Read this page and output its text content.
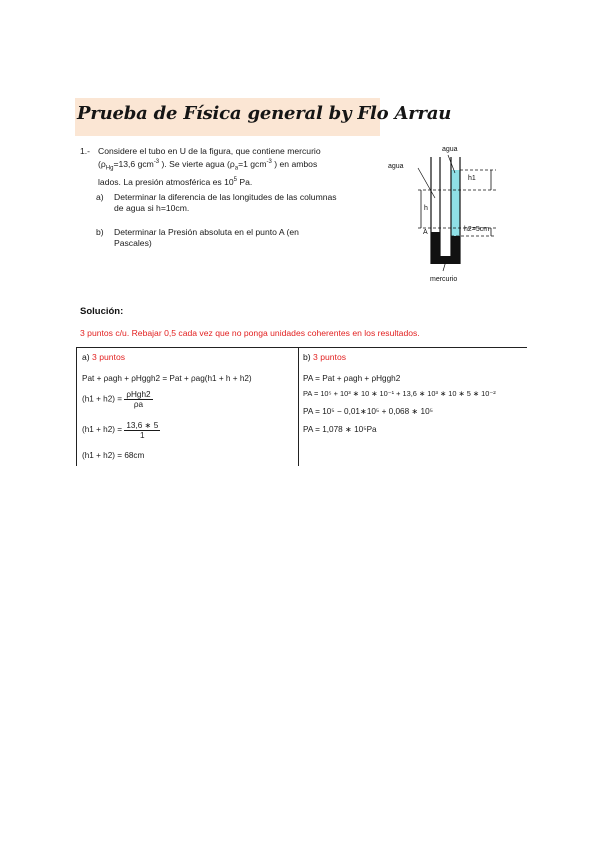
Prueba de Física general by Flo Arrau
1.- Considere el tubo en U de la figura, que contiene mercurio
($\rho_{Hg}=13,6$ gcm$^{-3}$ ). Se vierte agua ($\rho_a=1$ gcm$^{-3}$ ) en ambos
lados. La presión atmosférica es $10^5$ Pa.
a) Determinar la diferencia de las longitudes de las columnas
de agua si h=10cm.
b) Determinar la Presión absoluta en el punto A (en
Pascales)
agua
agua
h1
h
h2=5cm
A
mercurio
Solución:
3 puntos c/u. Rebajar 0,5 cada vez que no ponga unidades coherentes en los resultados.
a) 3 puntos
Pat + ρagh + ρHggh2 = Pat + ρag(h1 + h + h2)
$(h1 + h2) = \frac{\text{ρHgh2}}{\rho a}$
$(h1 + h2) = \frac{13,6 ∗ 5}{1}$
(h1 + h2) = 68cm
b) 3 puntos
PA = Pat + ρagh + ρHggh2
PA = 10⁵ + 10³ ∗ 10 ∗ 10⁻¹ + 13,6 ∗ 10³ ∗ 10 ∗ 5 ∗ 10⁻²
PA = 10⁵ − 0,01∗10⁵ + 0,068 ∗ 10⁵
PA = 1,078 ∗ 10⁵Pa
